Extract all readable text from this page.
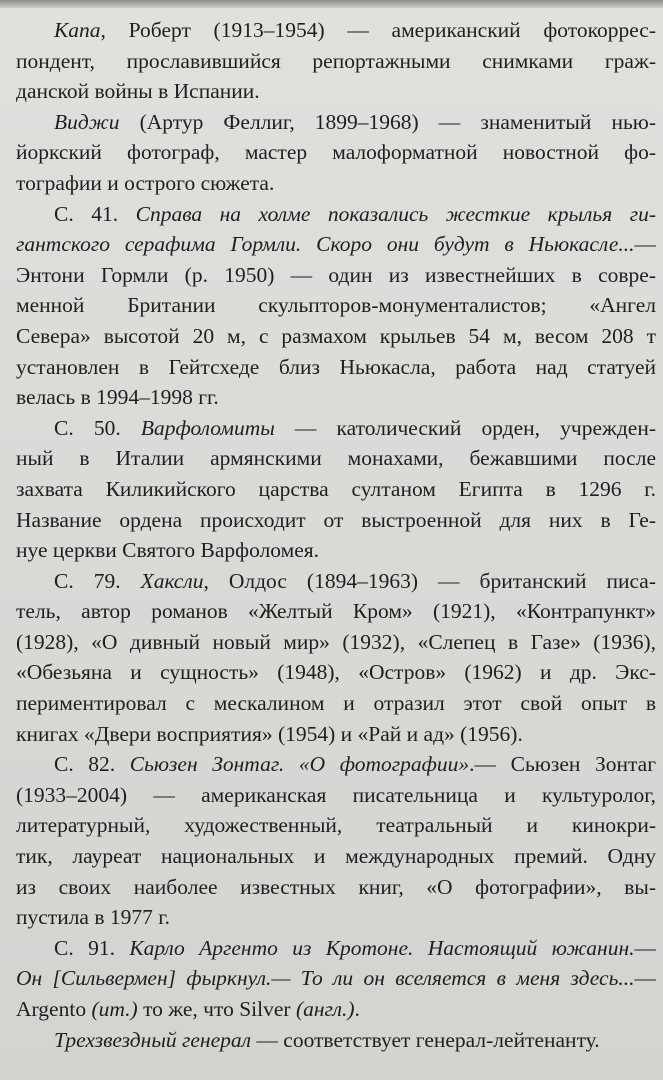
Капа, Роберт (1913–1954) — американский фотокоррес-
пондент, прославившийся репортажными снимками граж-
данской войны в Испании.
Виджи (Артур Феллиг, 1899–1968) — знаменитый нью-
йоркский фотограф, мастер малоформатной новостной фо-
тографии и острого сюжета.
С. 41. Справа на холме показались жесткие крылья ги-
гантского серафима Гормли. Скоро они будут в Ньюкасле...—
Энтони Гормли (р. 1950) — один из известнейших в совре-
менной Британии скульпторов-монументалистов; «Ангел
Севера» высотой 20 м, с размахом крыльев 54 м, весом 208 т
установлен в Гейтсхеде близ Ньюкасла, работа над статуей
велась в 1994–1998 гг.
С. 50. Варфоломиты — католический орден, учрежден-
ный в Италии армянскими монахами, бежавшими после
захвата Киликийского царства султаном Египта в 1296 г.
Название ордена происходит от выстроенной для них в Ге-
нуе церкви Святого Варфоломея.
С. 79. Хаксли, Олдос (1894–1963) — британский писа-
тель, автор романов «Желтый Кром» (1921), «Контрапункт»
(1928), «О дивный новый мир» (1932), «Слепец в Газе» (1936),
«Обезьяна и сущность» (1948), «Остров» (1962) и др. Экс-
периментировал с мескалином и отразил этот свой опыт в
книгах «Двери восприятия» (1954) и «Рай и ад» (1956).
С. 82. Сьюзен Зонтаг. «О фотографии».— Сьюзен Зонтаг
(1933–2004) — американская писательница и культуролог,
литературный, художественный, театральный и кинокри-
тик, лауреат национальных и международных премий. Одну
из своих наиболее известных книг, «О фотографии», вы-
пустила в 1977 г.
С. 91. Карло Аргенто из Кротоне. Настоящий южанин.—
Он [Сильвермен] фыркнул.— То ли он вселяется в меня здесь...—
Argento (ит.) то же, что Silver (англ.).
Трехзвездный генерал — соответствует генерал-лейтенанту.
